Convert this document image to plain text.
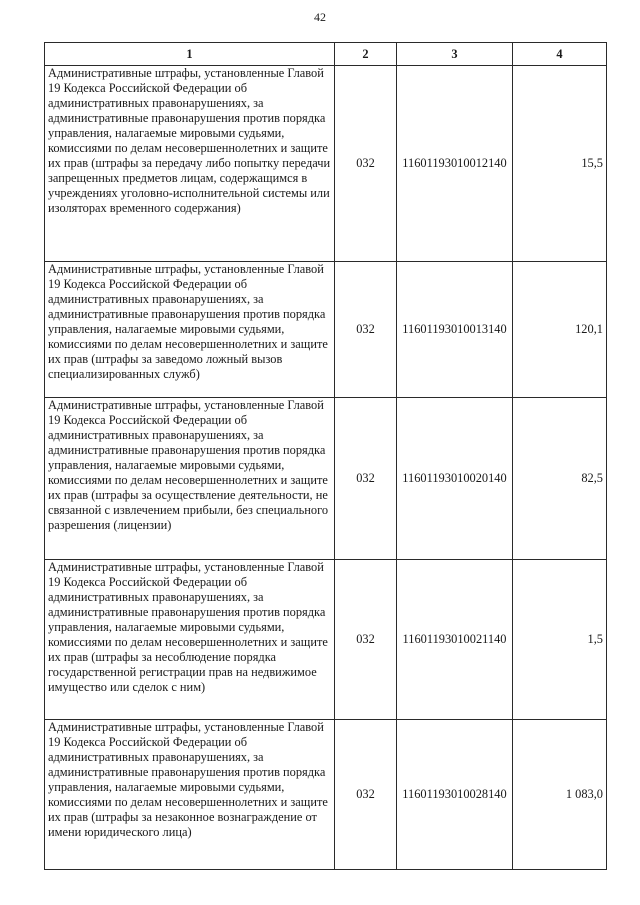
42
1	2	3	4
Административные штрафы, установленные Главой 19 Кодекса Российской Федерации об административных правонарушениях, за административные правонарушения против порядка управления, налагаемые мировыми судьями, комиссиями по делам несовершеннолетних и защите их прав (штрафы за передачу либо попытку передачи запрещенных предметов лицам, содержащимся в учреждениях уголовно-исполнительной системы или изоляторах временного содержания)	032	11601193010012140	15,5
Административные штрафы, установленные Главой 19 Кодекса Российской Федерации об административных правонарушениях, за административные правонарушения против порядка управления, налагаемые мировыми судьями, комиссиями по делам несовершеннолетних и защите их прав (штрафы за заведомо ложный вызов специализированных служб)	032	11601193010013140	120,1
Административные штрафы, установленные Главой 19 Кодекса Российской Федерации об административных правонарушениях, за административные правонарушения против порядка управления, налагаемые мировыми судьями, комиссиями по делам несовершеннолетних и защите их прав (штрафы за осуществление деятельности, не связанной с извлечением прибыли, без специального разрешения (лицензии)	032	11601193010020140	82,5
Административные штрафы, установленные Главой 19 Кодекса Российской Федерации об административных правонарушениях, за административные правонарушения против порядка управления, налагаемые мировыми судьями, комиссиями по делам несовершеннолетних и защите их прав (штрафы за несоблюдение порядка государственной регистрации прав на недвижимое имущество или сделок с ним)	032	11601193010021140	1,5
Административные штрафы, установленные Главой 19 Кодекса Российской Федерации об административных правонарушениях, за административные правонарушения против порядка управления, налагаемые мировыми судьями, комиссиями по делам несовершеннолетних и защите их прав (штрафы за незаконное вознаграждение от имени юридического лица)	032	11601193010028140	1 083,0
